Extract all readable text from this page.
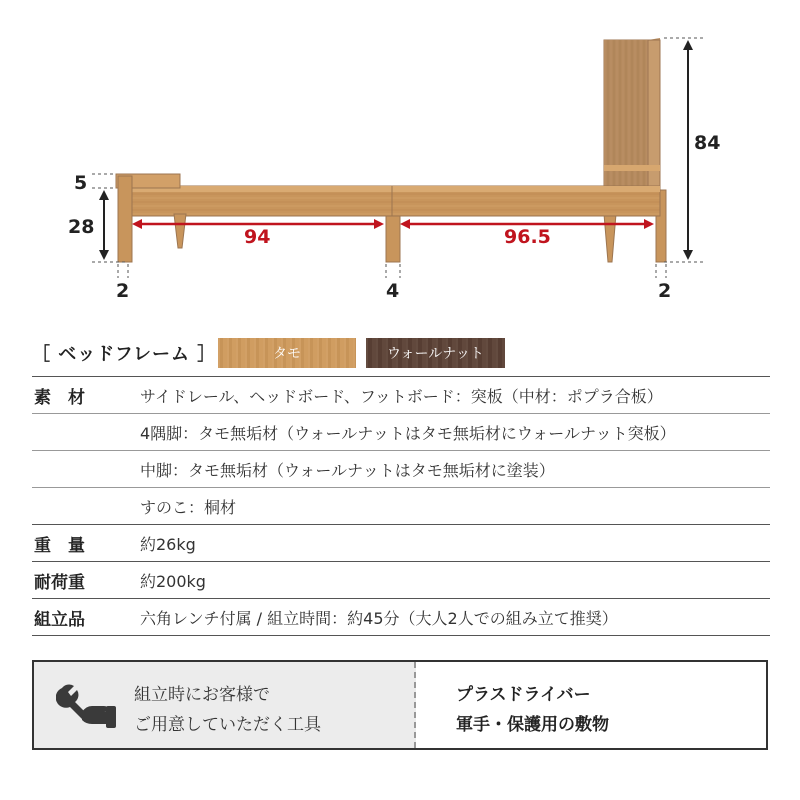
5
28
84
94	96.5
2	4	2
［ ベッドフレーム ］	タモ	ウォールナット
素　材	サイドレール、ヘッドボード、フットボード：突板（中材：ポプラ合板）
4隅脚：タモ無垢材（ウォールナットはタモ無垢材にウォールナット突板）
中脚：タモ無垢材（ウォールナットはタモ無垢材に塗装）
すのこ：桐材
重　量	約26kg
耐荷重	約200kg
組立品	六角レンチ付属 / 組立時間：約45分（大人2人での組み立て推奨）
組立時にお客様で
ご用意していただく工具
プラスドライバー
軍手・保護用の敷物
